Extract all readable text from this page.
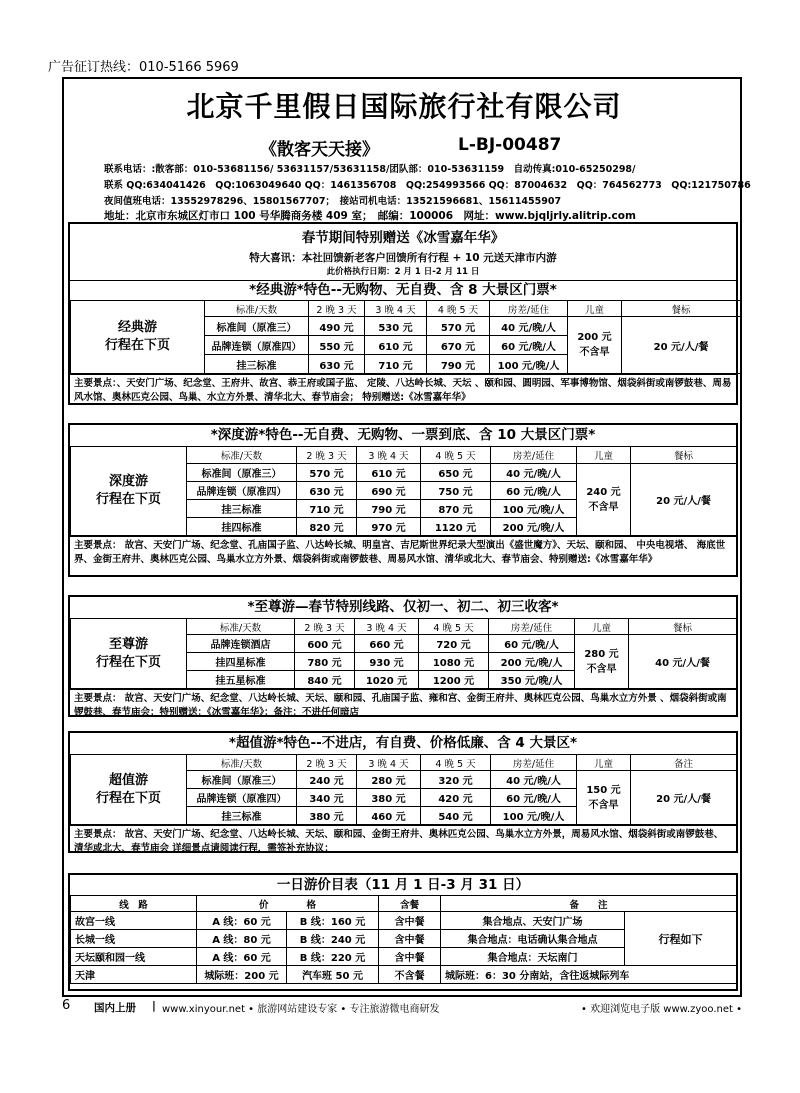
广告征订热线：010-5166 5969
北京千里假日国际旅行社有限公司
《散客天天接》	L-BJ-00487
联系电话：:散客部：010-53681156/ 53631157/53631158/团队部：010-53631159　自动传真:010-65250298/
联系 QQ:634041426　QQ:1063049640 QQ：1461356708　QQ:254993566 QQ：87004632　QQ：764562773　QQ:121750786
夜间值班电话：13552978296、15801567707；　接站司机电话：13521596681、15611455907
地址：北京市东城区灯市口 100 号华腾商务楼 409 室；　邮编：100006　网址：www.bjqljrly.alitrip.com
春节期间特别赠送《冰雪嘉年华》
特大喜讯：本社回馈新老客户回馈所有行程 + 10 元送天津市内游
此价格执行日期：2 月 1 日-2 月 11 日
*经典游*特色--无购物、无自费、含 8 大景区门票*
经典游
行程在下页	标准/天数	2 晚 3 天	3 晚 4 天	4 晚 5 天	房差/延住	儿童	餐标
	标准间（原准三）	490 元	530 元	570 元	40 元/晚/人	200 元 不含早	20 元/人/餐
	品牌连锁（原准四）	550 元	610 元	670 元	60 元/晚/人		
	挂三标准	630 元	710 元	790 元	100 元/晚/人		
主要景点：、天安门广场、纪念堂、王府井、故宫、恭王府或国子监、 定陵、八达岭长城、天坛 、颐和园、圆明园、军事博物馆、烟袋斜街或南锣鼓巷、周易风水馆、奥林匹克公园、鸟巢、水立方外景、清华北大、春节庙会； 特别赠送:《冰雪嘉年华》
*深度游*特色--无自费、无购物、一票到底、含 10 大景区门票*
深度游
行程在下页	标准/天数	2 晚 3 天	3 晚 4 天	4 晚 5 天	房差/延住	儿童	餐标
	标准间（原准三）	570 元	610 元	650 元	40 元/晚/人	240 元 不含早	20 元/人/餐
	品牌连锁（原准四）	630 元	690 元	750 元	60 元/晚/人		
	挂三标准	710 元	790 元	870 元	100 元/晚/人		
	挂四标准	820 元	970 元	1120 元	200 元/晚/人		
主要景点： 故宫、天安门广场、纪念堂、孔庙国子监、八达岭长城、明皇宫、吉尼斯世界纪录大型演出《盛世魔方》、天坛、颐和园、 中央电视塔、 海底世界、金街王府井、奥林匹克公园、鸟巢水立方外景、烟袋斜街或南锣鼓巷、周易风水馆、清华或北大、春节庙会、特别赠送:《冰雪嘉年华》
*至尊游—春节特别线路、仅初一、初二、初三收客*
至尊游
行程在下页	标准/天数	2 晚 3 天	3 晚 4 天	4 晚 5 天	房差/延住	儿童	餐标
	品牌连锁酒店	600 元	660 元	720 元	60 元/晚/人	280 元 不含早	40 元/人/餐
	挂四星标准	780 元	930 元	1080 元	200 元/晚/人		
	挂五星标准	840 元	1020 元	1200 元	350 元/晚/人		
主要景点： 故宫、天安门广场、纪念堂、八达岭长城、天坛、颐和园、孔庙国子监、雍和宫、金街王府井、奥林匹克公园、鸟巢水立方外景 、烟袋斜街或南锣鼓巷、春节庙会；特别赠送：《冰雪嘉年华》；备注：不进任何暗店
*超值游*特色--不进店，有自费、价格低廉、含 4 大景区*
超值游
行程在下页	标准/天数	2 晚 3 天	3 晚 4 天	4 晚 5 天	房差/延住	儿童	备注
	标准间（原准三）	240 元	280 元	320 元	40 元/晚/人	150 元 不含早	20 元/人/餐
	品牌连锁（原准四）	340 元	380 元	420 元	60 元/晚/人		
	挂三标准	380 元	460 元	540 元	100 元/晚/人		
主要景点： 故宫、天安门广场、纪念堂、八达岭长城、天坛、颐和园、金街王府井、奥林匹克公园、鸟巢水立方外景，周易风水馆、烟袋斜街或南锣鼓巷、清华或北大、春节庙会 详细景点请阅读行程，需签补充协议；
一日游价目表（11 月 1 日-3 月 31 日）
线　路	价　　　　格		含餐	备　　注	
故宫一线	A 线：60 元	B 线：160 元	含中餐	集合地点、天安门广场	行程如下
长城一线	A 线：80 元	B 线：240 元	含中餐	集合地点：电话确认集合地点	
天坛颐和园一线	A 线：60 元	B 线：220 元	含中餐	集合地点：天坛南门	
天津	城际班：200 元	汽车班 50 元	不含餐	城际班：6：30 分南站，含往返城际列车	
6 国内上册 | www.xinyour.net • 旅游网站建设专家 • 专注旅游微电商研发	• 欢迎浏览电子版 www.zyoo.net •
